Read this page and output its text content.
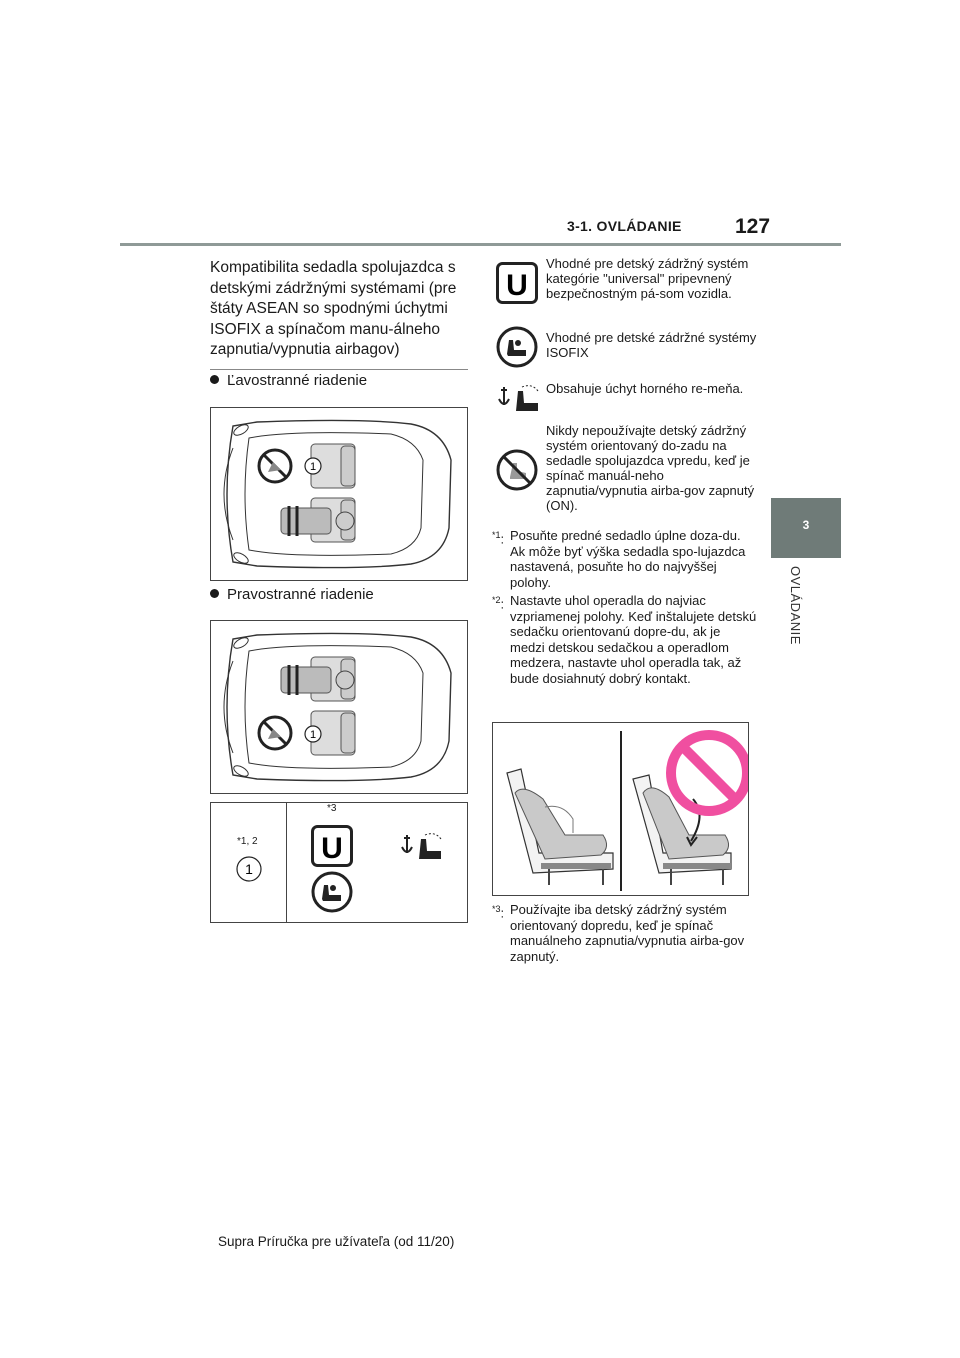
3-1. OVLÁDANIE	127
3
OVLÁDANIE
Kompatibilita sedadla spolujazdca s detskými zádržnými systémami (pre štáty ASEAN so spodnými úchytmi ISOFIX a spínačom manu-álneho zapnutia/vypnutia airbagov)
Ľavostranné riadenie
1
Pravostranné riadenie
1
*1, 2
1
*3
U
U
Vhodné pre detský zádržný systém kategórie "universal" pripevnený bezpečnostným pá-som vozidla.
Vhodné pre detské zádržné systémy ISOFIX
Obsahuje úchyt horného re-meňa.
Nikdy nepoužívajte detský zádržný systém orientovaný do-zadu na sedadle spolujazdca vpredu, keď je spínač manuál-neho zapnutia/vypnutia airba-gov zapnutý (ON).
$^{*1}$: Posuňte predné sedadlo úplne doza-du. Ak môže byť výška sedadla spo-lujazdca nastavená, posuňte ho do najvyššej polohy.
$^{*2}$: Nastavte uhol operadla do najviac vzpriamenej polohy. Keď inštalujete detskú sedačku orientovanú dopre-du, ak je medzi detskou sedačkou a operadlom medzera, nastavte uhol operadla tak, až bude dosiahnutý dobrý kontakt.
$^{*3}$: Používajte iba detský zádržný systém orientovaný dopredu, keď je spínač manuálneho zapnutia/vypnutia airba-gov zapnutý.
Supra Príručka pre užívateľa (od 11/20)
